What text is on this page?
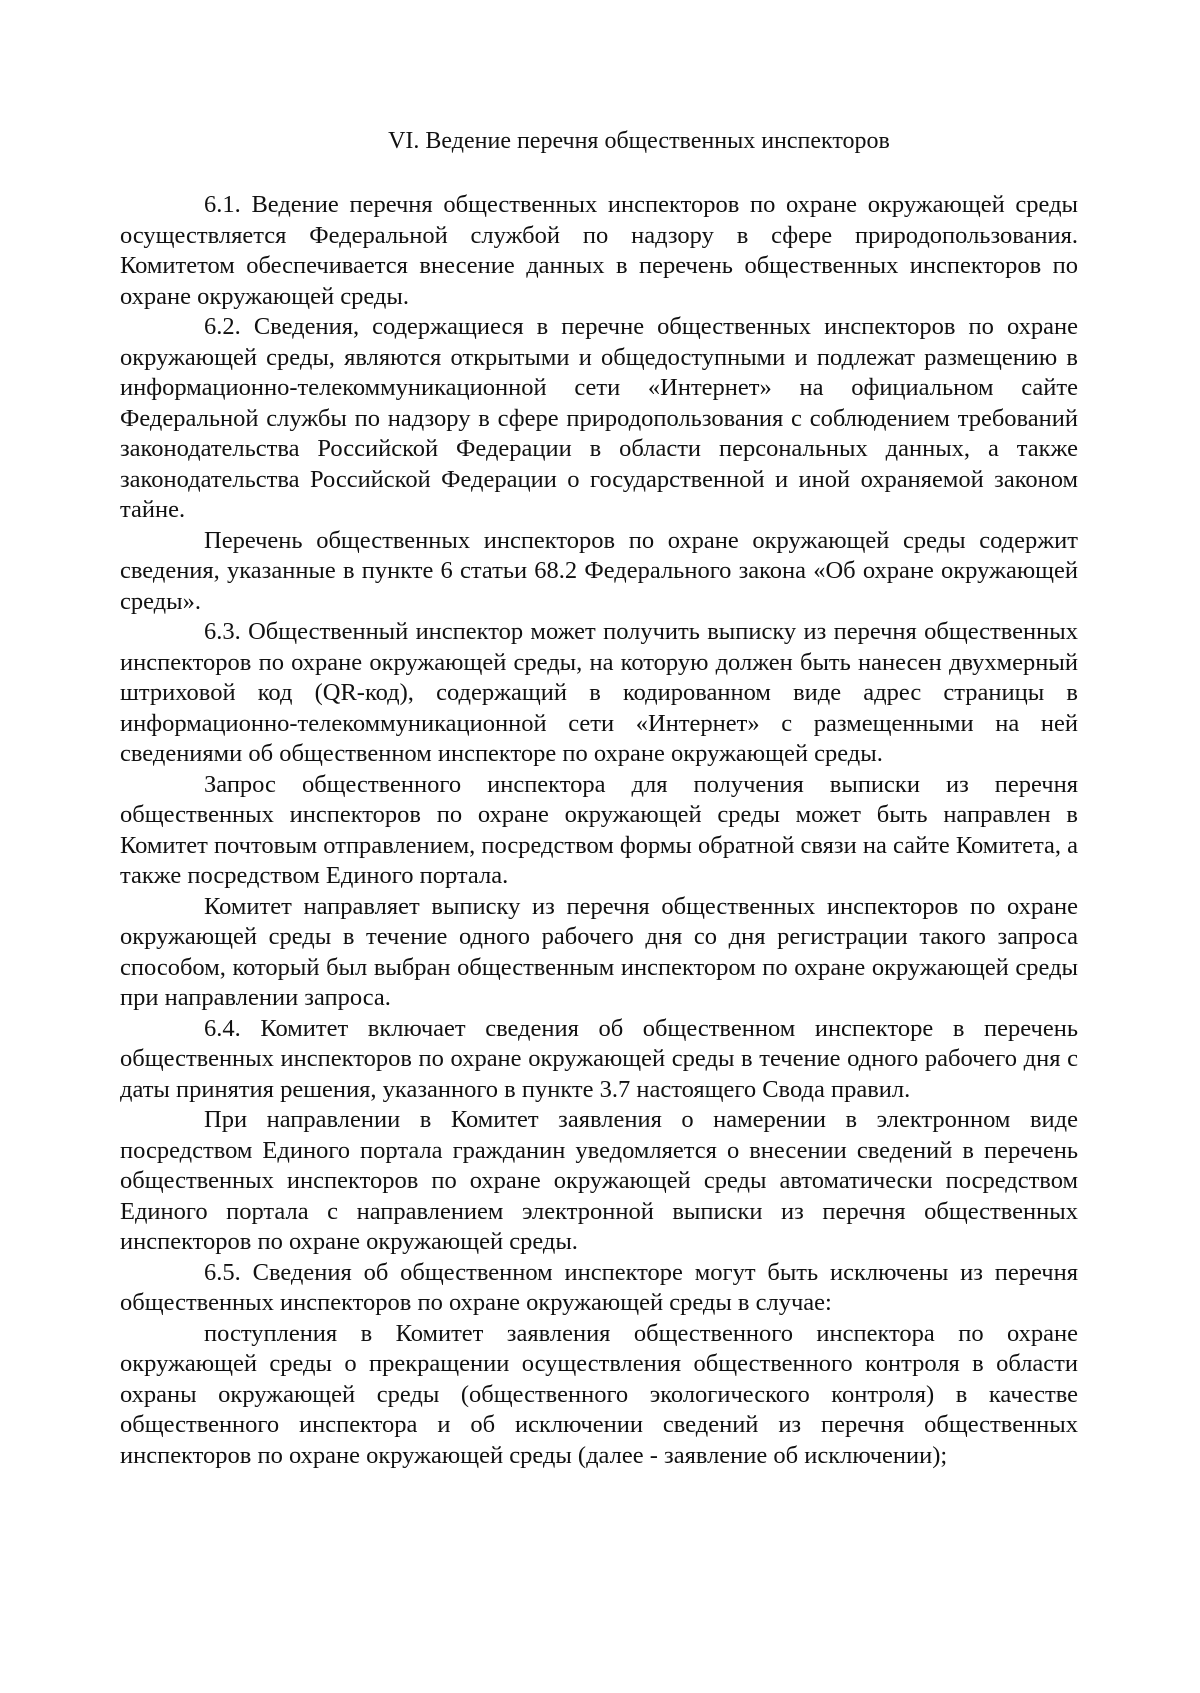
VI. Ведение перечня общественных инспекторов

6.1. Ведение перечня общественных инспекторов по охране окружающей среды осуществляется Федеральной службой по надзору в сфере природопользования. Комитетом обеспечивается внесение данных в перечень общественных инспекторов по охране окружающей среды.

6.2. Сведения, содержащиеся в перечне общественных инспекторов по охране окружающей среды, являются открытыми и общедоступными и подлежат размещению в информационно-телекоммуникационной сети «Интернет» на официальном сайте Федеральной службы по надзору в сфере природопользования с соблюдением требований законодательства Российской Федерации в области персональных данных, а также законодательства Российской Федерации о государственной и иной охраняемой законом тайне.

Перечень общественных инспекторов по охране окружающей среды содержит сведения, указанные в пункте 6 статьи 68.2 Федерального закона «Об охране окружающей среды».

6.3. Общественный инспектор может получить выписку из перечня общественных инспекторов по охране окружающей среды, на которую должен быть нанесен двухмерный штриховой код (QR-код), содержащий в кодированном виде адрес страницы в информационно-телекоммуникационной сети «Интернет» с размещенными на ней сведениями об общественном инспекторе по охране окружающей среды.

Запрос общественного инспектора для получения выписки из перечня общественных инспекторов по охране окружающей среды может быть направлен в Комитет почтовым отправлением, посредством формы обратной связи на сайте Комитета, а также посредством Единого портала.

Комитет направляет выписку из перечня общественных инспекторов по охране окружающей среды в течение одного рабочего дня со дня регистрации такого запроса способом, который был выбран общественным инспектором по охране окружающей среды при направлении запроса.

6.4. Комитет включает сведения об общественном инспекторе в перечень общественных инспекторов по охране окружающей среды в течение одного рабочего дня с даты принятия решения, указанного в пункте 3.7 настоящего Свода правил.

При направлении в Комитет заявления о намерении в электронном виде посредством Единого портала гражданин уведомляется о внесении сведений в перечень общественных инспекторов по охране окружающей среды автоматически посредством Единого портала с направлением электронной выписки из перечня общественных инспекторов по охране окружающей среды.

6.5. Сведения об общественном инспекторе могут быть исключены из перечня общественных инспекторов по охране окружающей среды в случае:

поступления в Комитет заявления общественного инспектора по охране окружающей среды о прекращении осуществления общественного контроля в области охраны окружающей среды (общественного экологического контроля) в качестве общественного инспектора и об исключении сведений из перечня общественных инспекторов по охране окружающей среды (далее - заявление об исключении);
